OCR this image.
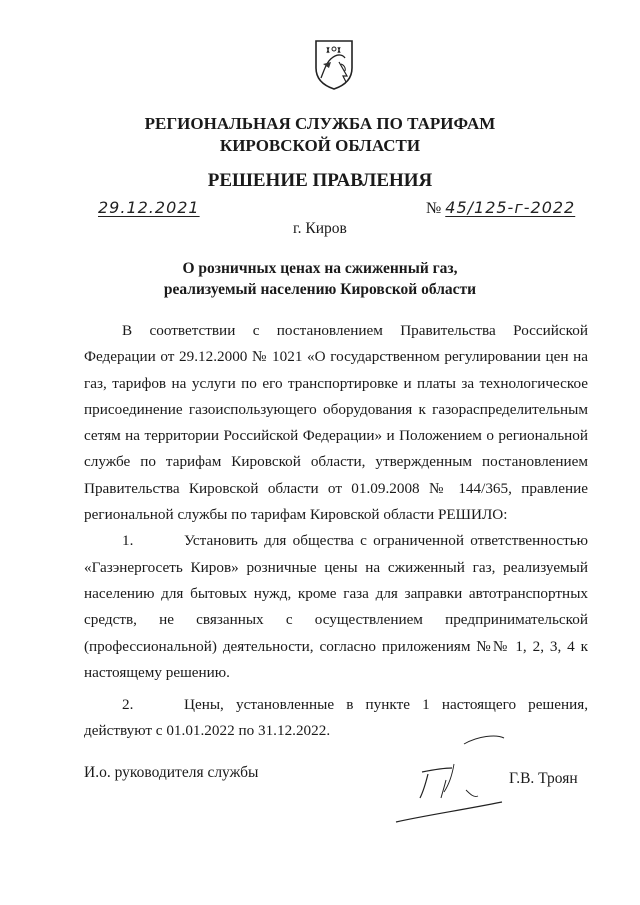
РЕГИОНАЛЬНАЯ СЛУЖБА ПО ТАРИФАМ
КИРОВСКОЙ ОБЛАСТИ
РЕШЕНИЕ ПРАВЛЕНИЯ
29.12.2021	№ 45/125-г-2022
г. Киров
О розничных ценах на сжиженный газ,
реализуемый населению Кировской области

В соответствии с постановлением Правительства Российской Федерации от 29.12.2000 № 1021 «О государственном регулировании цен на газ, тарифов на услуги по его транспортировке и платы за технологическое присоединение газоиспользующего оборудования к газораспределительным сетям на территории Российской Федерации» и Положением о региональной службе по тарифам Кировской области, утвержденным постановлением Правительства Кировской области от 01.09.2008 № 144/365, правление региональной службы по тарифам Кировской области РЕШИЛО:

1.	Установить для общества с ограниченной ответственностью «Газэнергосеть Киров» розничные цены на сжиженный газ, реализуемый населению для бытовых нужд, кроме газа для заправки автотранспортных средств, не связанных с осуществлением предпринимательской (профессиональной) деятельности, согласно приложениям №№ 1, 2, 3, 4 к настоящему решению.

2.	Цены, установленные в пункте 1 настоящего решения, действуют с 01.01.2022 по 31.12.2022.

И.о. руководителя службы	Г.В. Троян
